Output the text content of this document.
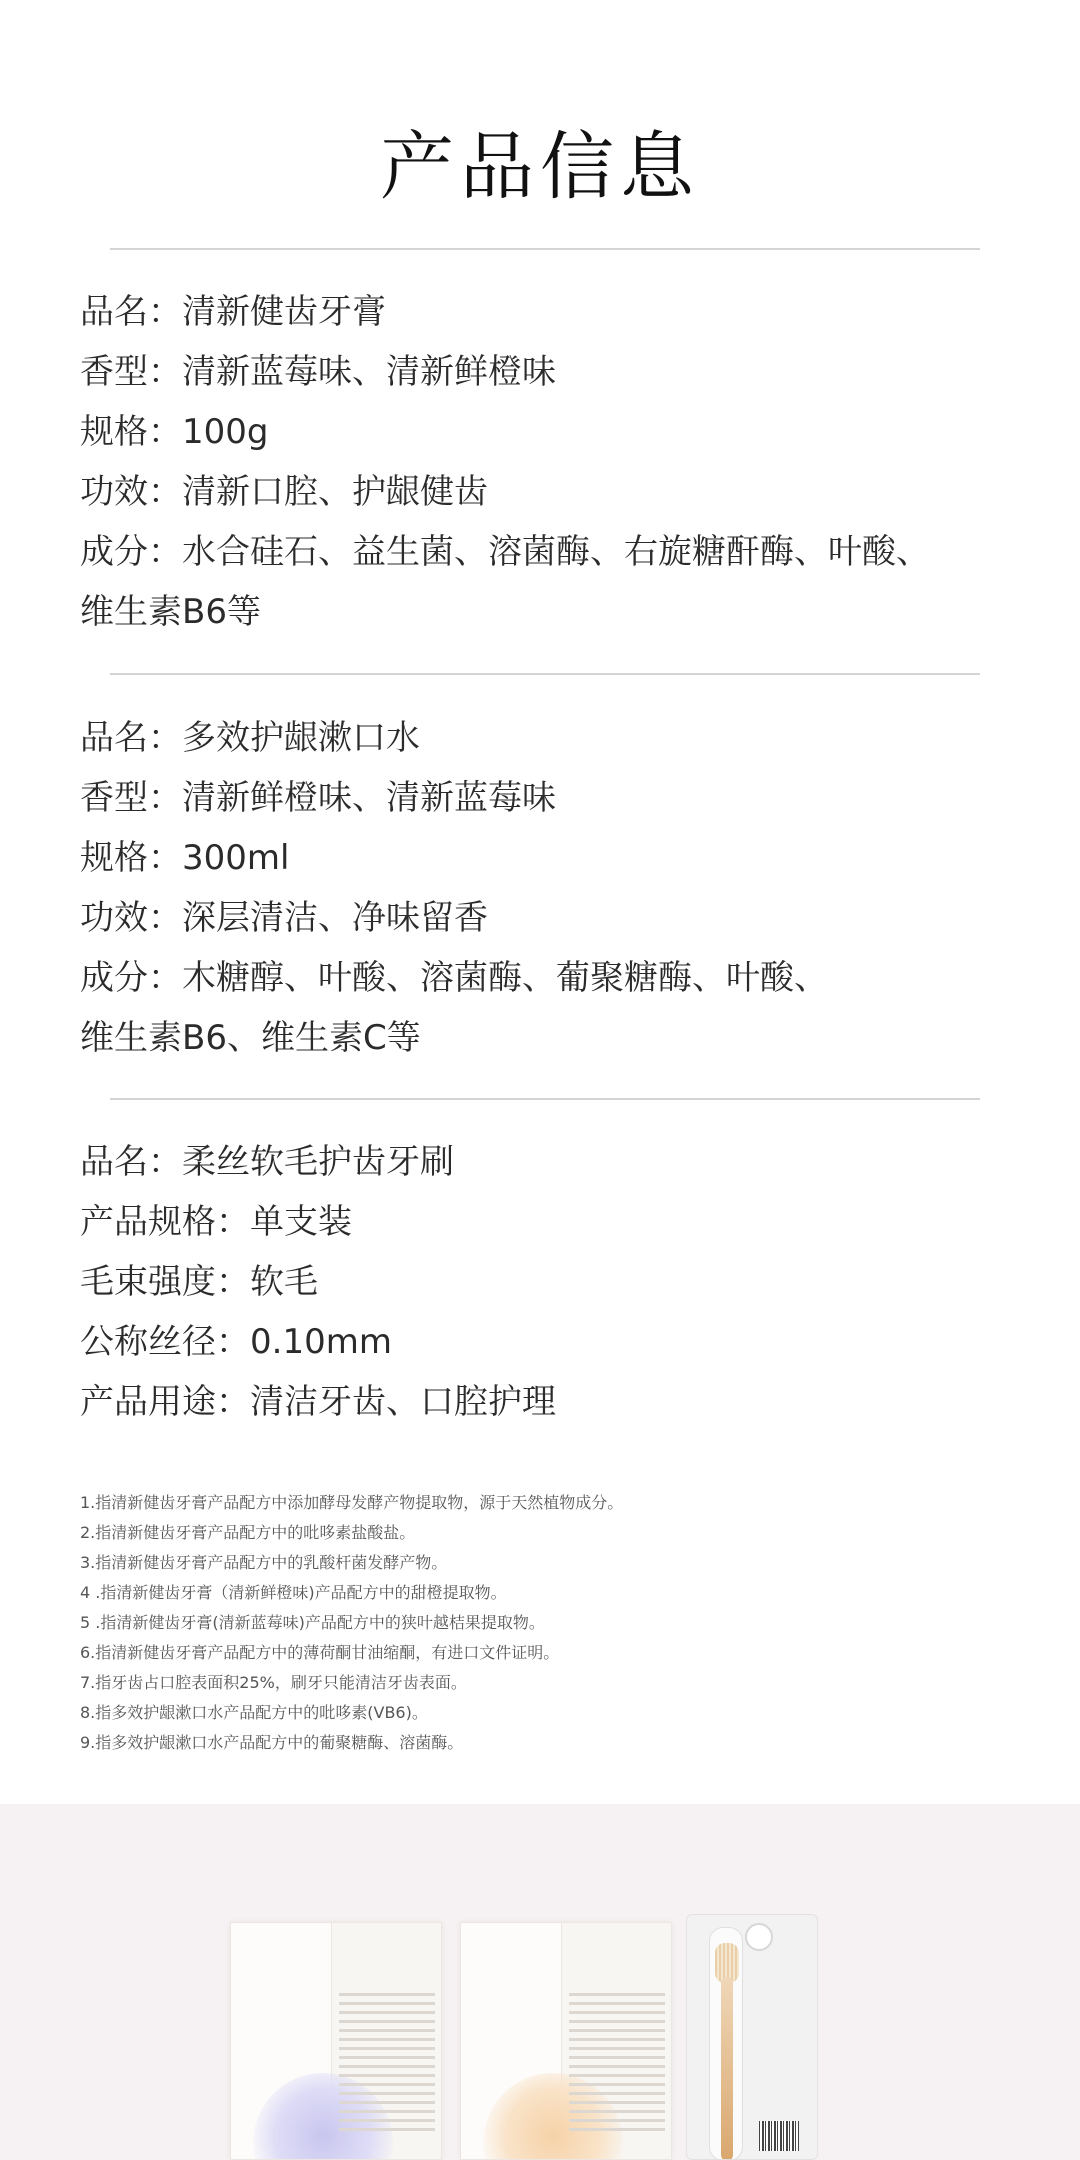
产品信息
品名：清新健齿牙膏
香型：清新蓝莓味、清新鲜橙味
规格：100g
功效：清新口腔、护龈健齿
成分：水合硅石、益生菌、溶菌酶、右旋糖酐酶、叶酸、
维生素B6等
品名：多效护龈漱口水
香型：清新鲜橙味、清新蓝莓味
规格：300ml
功效：深层清洁、净味留香
成分：木糖醇、叶酸、溶菌酶、葡聚糖酶、叶酸、
维生素B6、维生素C等
品名：柔丝软毛护齿牙刷
产品规格：单支装
毛束强度：软毛
公称丝径：0.10mm
产品用途：清洁牙齿、口腔护理
1.指清新健齿牙膏产品配方中添加酵母发酵产物提取物，源于天然植物成分。
2.指清新健齿牙膏产品配方中的吡哆素盐酸盐。
3.指清新健齿牙膏产品配方中的乳酸杆菌发酵产物。
4 .指清新健齿牙膏（清新鲜橙味)产品配方中的甜橙提取物。
5 .指清新健齿牙膏(清新蓝莓味)产品配方中的狭叶越桔果提取物。
6.指清新健齿牙膏产品配方中的薄荷酮甘油缩酮，有进口文件证明。
7.指牙齿占口腔表面积25%，刷牙只能清洁牙齿表面。
8.指多效护龈漱口水产品配方中的吡哆素(VB6)。
9.指多效护龈漱口水产品配方中的葡聚糖酶、溶菌酶。
